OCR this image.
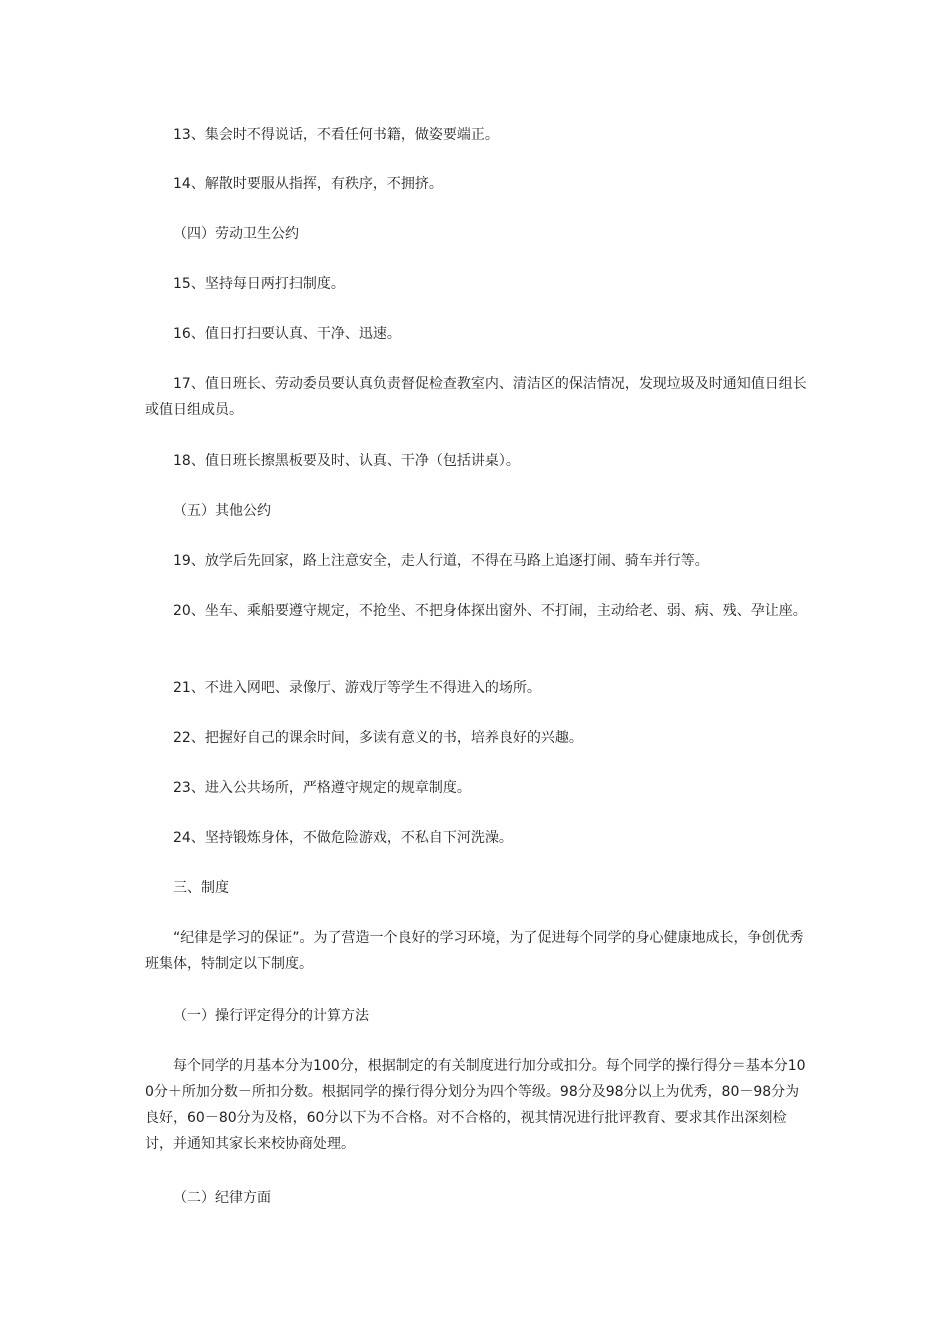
13、集会时不得说话，不看任何书籍，做姿要端正。

14、解散时要服从指挥，有秩序，不拥挤。

（四）劳动卫生公约

15、坚持每日两打扫制度。

16、值日打扫要认真、干净、迅速。

17、值日班长、劳动委员要认真负责督促检查教室内、清洁区的保洁情况，发现垃圾及时通知值日组长或值日组成员。

18、值日班长擦黑板要及时、认真、干净（包括讲桌）。

（五）其他公约

19、放学后先回家，路上注意安全，走人行道，不得在马路上追逐打闹、骑车并行等。

20、坐车、乘船要遵守规定，不抢坐、不把身体探出窗外、不打闹，主动给老、弱、病、残、孕让座。

21、不进入网吧、录像厅、游戏厅等学生不得进入的场所。

22、把握好自己的课余时间，多读有意义的书，培养良好的兴趣。

23、进入公共场所，严格遵守规定的规章制度。

24、坚持锻炼身体，不做危险游戏，不私自下河洗澡。

三、制度

“纪律是学习的保证”。为了营造一个良好的学习环境，为了促进每个同学的身心健康地成长，争创优秀班集体，特制定以下制度。

（一）操行评定得分的计算方法

每个同学的月基本分为100分，根据制定的有关制度进行加分或扣分。每个同学的操行得分＝基本分100分＋所加分数－所扣分数。根据同学的操行得分划分为四个等级。98分及98分以上为优秀，80－98分为良好，60－80分为及格，60分以下为不合格。对不合格的，视其情况进行批评教育、要求其作出深刻检讨，并通知其家长来校协商处理。

（二）纪律方面
